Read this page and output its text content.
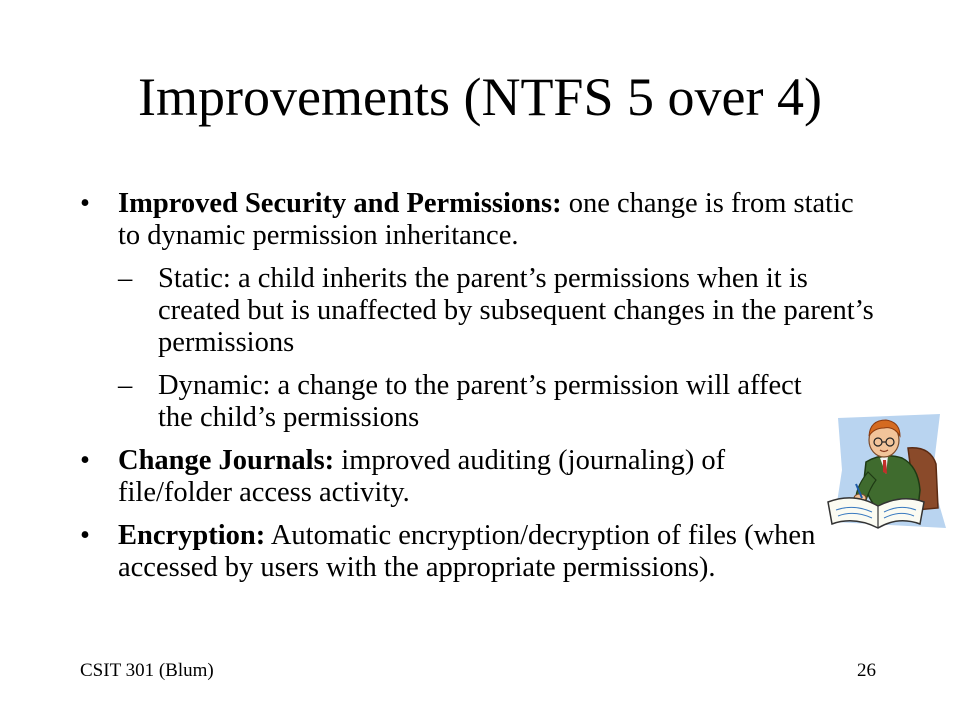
Improvements (NTFS 5 over 4)
• Improved Security and Permissions: one change is from static to dynamic permission inheritance.
– Static: a child inherits the parent’s permissions when it is created but is unaffected by subsequent changes in the parent’s permissions
– Dynamic: a change to the parent’s permission will affect the child’s permissions
• Change Journals: improved auditing (journaling) of file/folder access activity.
• Encryption: Automatic encryption/decryption of files (when accessed by users with the appropriate permissions).
CSIT 301 (Blum)	26
